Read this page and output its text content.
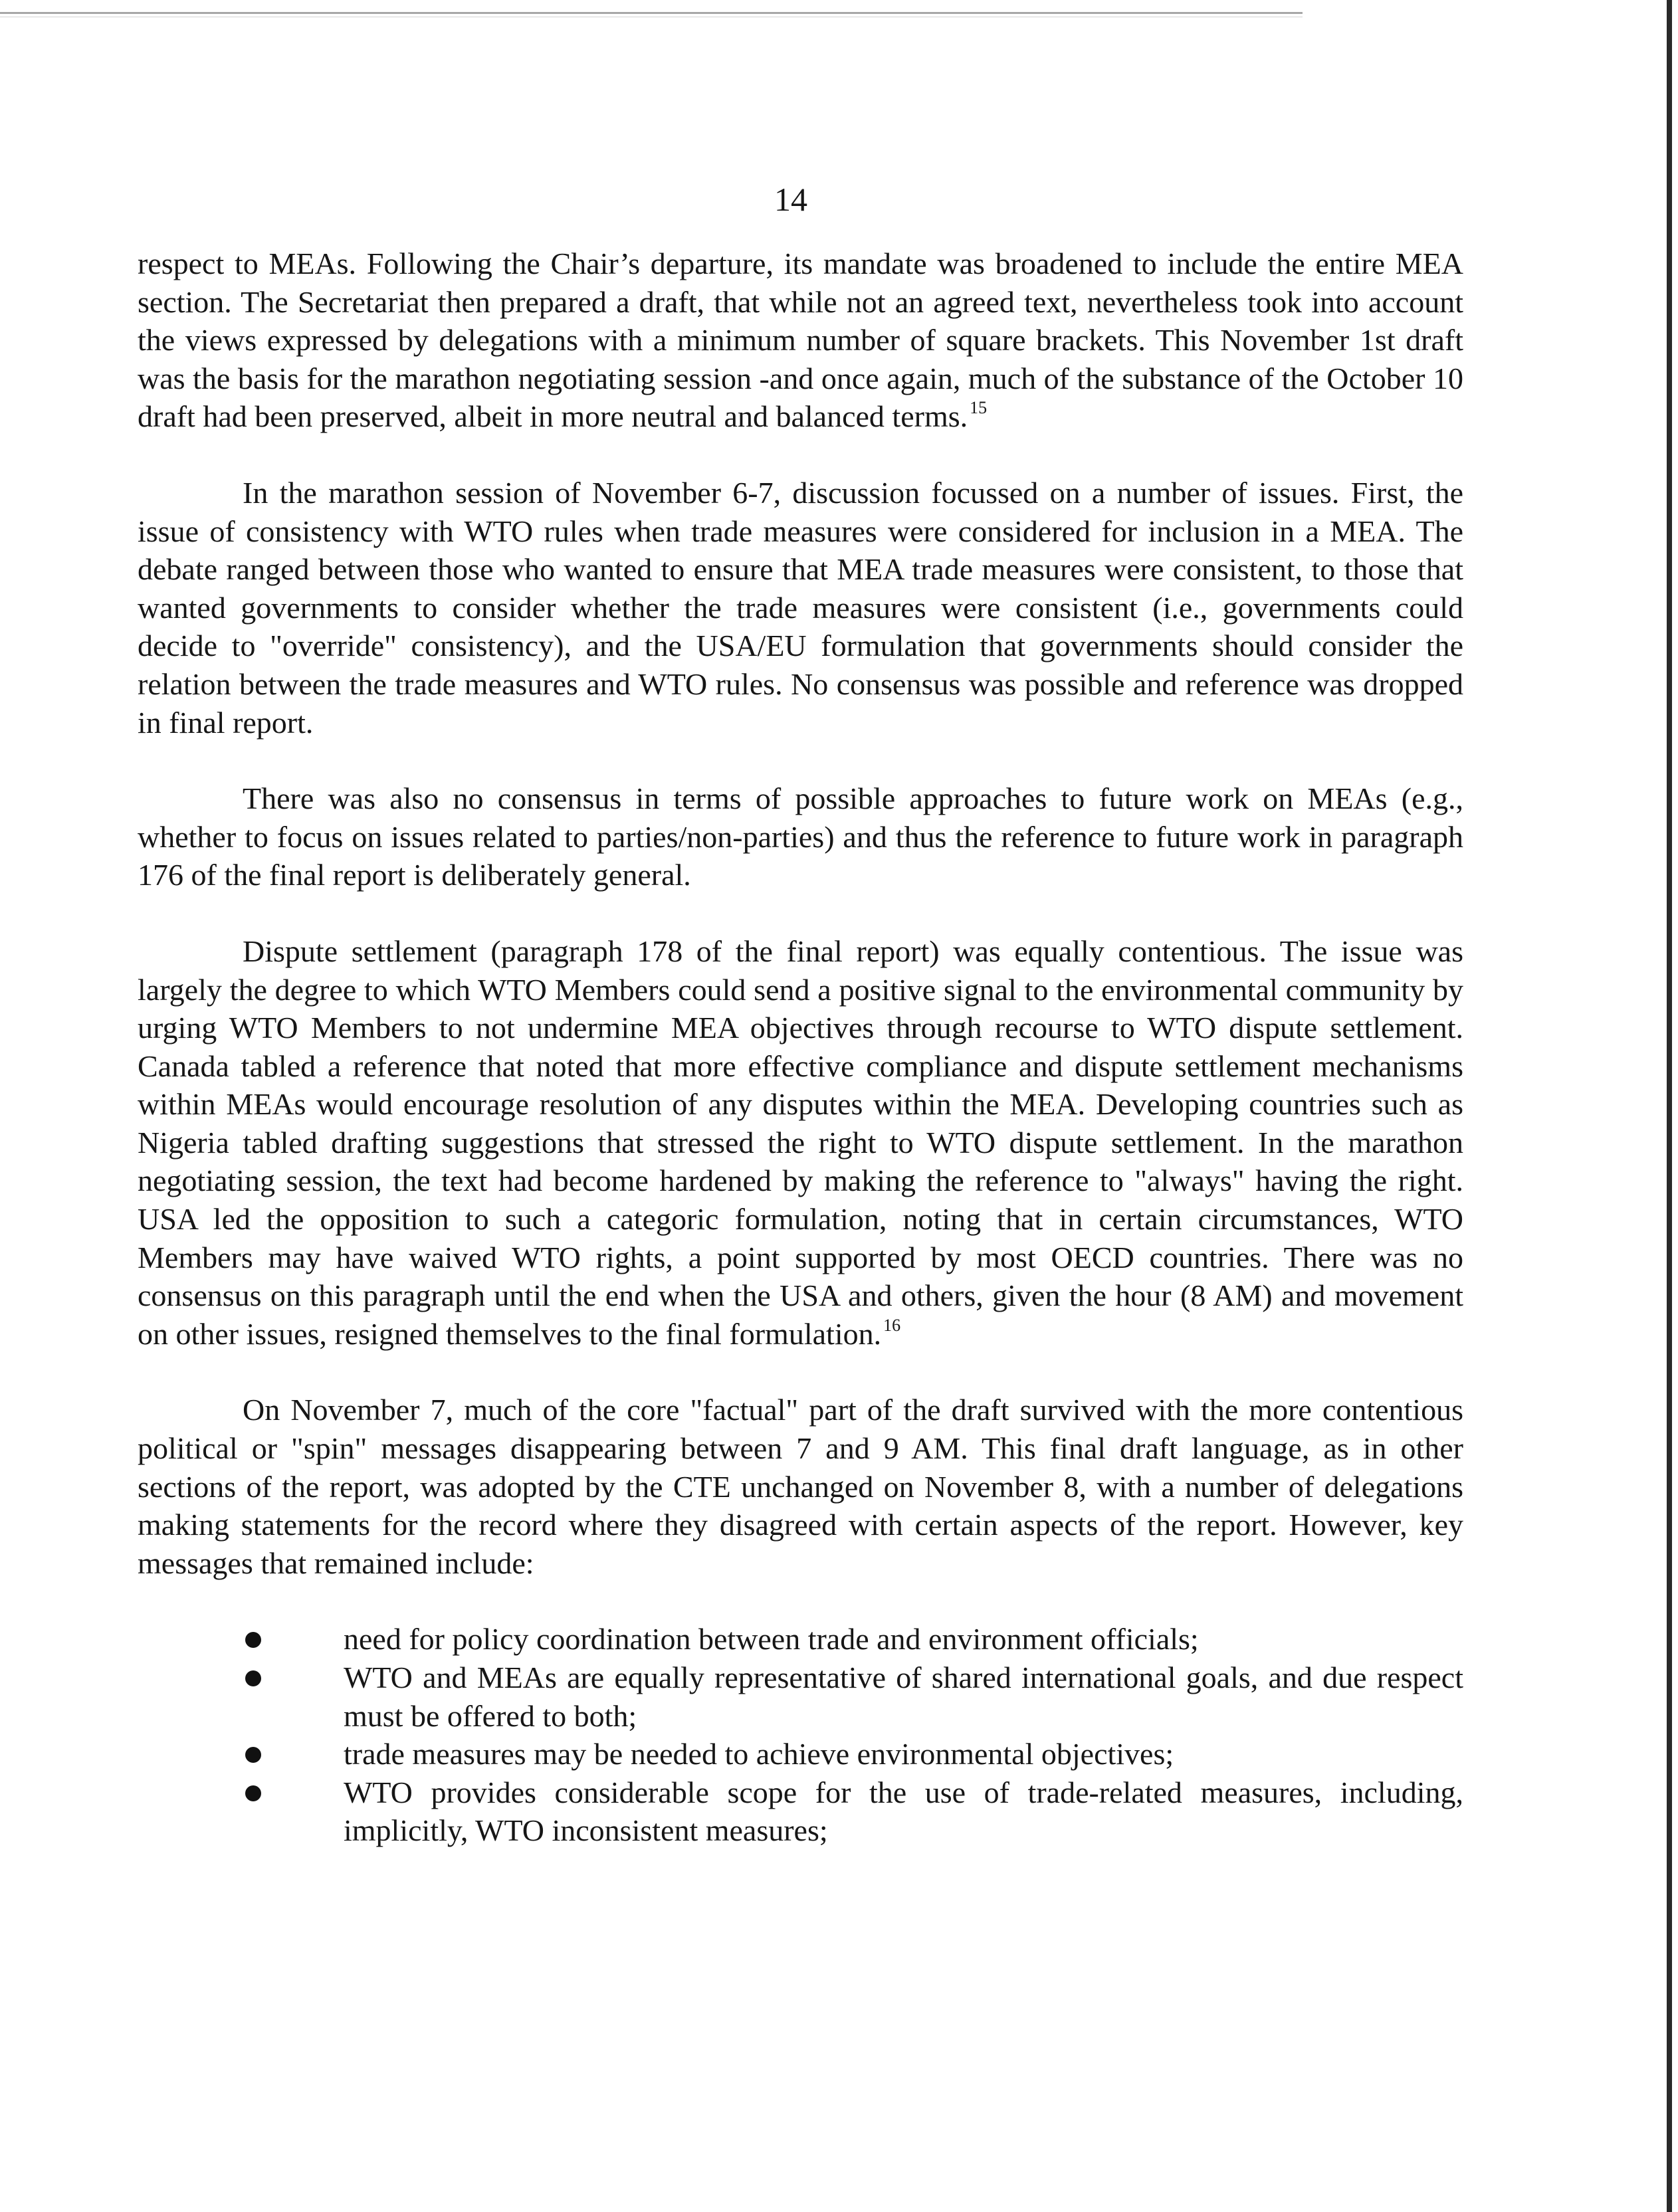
14

respect to MEAs. Following the Chair’s departure, its mandate was broadened to include the entire MEA section. The Secretariat then prepared a draft, that while not an agreed text, nevertheless took into account the views expressed by delegations with a minimum number of square brackets. This November 1st draft was the basis for the marathon negotiating session -and once again, much of the substance of the October 10 draft had been preserved, albeit in more neutral and balanced terms. $^{15}$

In the marathon session of November 6-7, discussion focussed on a number of issues. First, the issue of consistency with WTO rules when trade measures were considered for inclusion in a MEA. The debate ranged between those who wanted to ensure that MEA trade measures were consistent, to those that wanted governments to consider whether the trade measures were consistent (i.e., governments could decide to "override" consistency), and the USA/EU formulation that governments should consider the relation between the trade measures and WTO rules. No consensus was possible and reference was dropped in final report.

There was also no consensus in terms of possible approaches to future work on MEAs (e.g., whether to focus on issues related to parties/non-parties) and thus the reference to future work in paragraph 176 of the final report is deliberately general.

Dispute settlement (paragraph 178 of the final report) was equally contentious. The issue was largely the degree to which WTO Members could send a positive signal to the environmental community by urging WTO Members to not undermine MEA objectives through recourse to WTO dispute settlement. Canada tabled a reference that noted that more effective compliance and dispute settlement mechanisms within MEAs would encourage resolution of any disputes within the MEA. Developing countries such as Nigeria tabled drafting suggestions that stressed the right to WTO dispute settlement. In the marathon negotiating session, the text had become hardened by making the reference to "always" having the right. USA led the opposition to such a categoric formulation, noting that in certain circumstances, WTO Members may have waived WTO rights, a point supported by most OECD countries. There was no consensus on this paragraph until the end when the USA and others, given the hour (8 AM) and movement on other issues, resigned themselves to the final formulation. $^{16}$

On November 7, much of the core "factual" part of the draft survived with the more contentious political or "spin" messages disappearing between 7 and 9 AM. This final draft language, as in other sections of the report, was adopted by the CTE unchanged on November 8, with a number of delegations making statements for the record where they disagreed with certain aspects of the report. However, key messages that remained include:

need for policy coordination between trade and environment officials;
WTO and MEAs are equally representative of shared international goals, and due respect must be offered to both;
trade measures may be needed to achieve environmental objectives;
WTO provides considerable scope for the use of trade-related measures, including, implicitly, WTO inconsistent measures;
